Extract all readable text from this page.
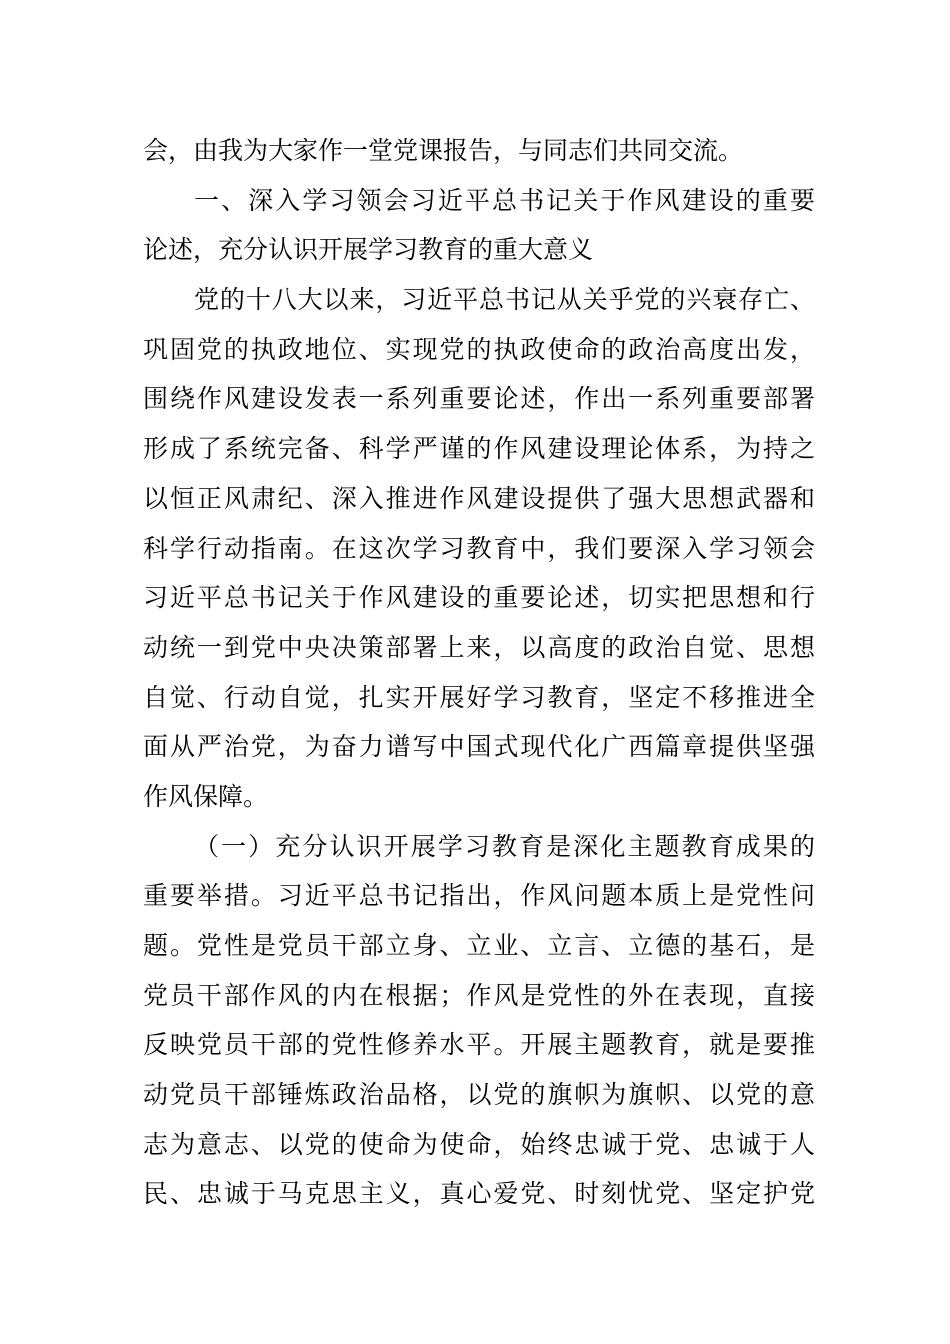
会，由我为大家作一堂党课报告，与同志们共同交流。
一、深入学习领会习近平总书记关于作风建设的重要
论述，充分认识开展学习教育的重大意义
党的十八大以来，习近平总书记从关乎党的兴衰存亡、
巩固党的执政地位、实现党的执政使命的政治高度出发，
围绕作风建设发表一系列重要论述，作出一系列重要部署
形成了系统完备、科学严谨的作风建设理论体系，为持之
以恒正风肃纪、深入推进作风建设提供了强大思想武器和
科学行动指南。在这次学习教育中，我们要深入学习领会
习近平总书记关于作风建设的重要论述，切实把思想和行
动统一到党中央决策部署上来，以高度的政治自觉、思想
自觉、行动自觉，扎实开展好学习教育，坚定不移推进全
面从严治党，为奋力谱写中国式现代化广西篇章提供坚强
作风保障。
（一）充分认识开展学习教育是深化主题教育成果的
重要举措。习近平总书记指出，作风问题本质上是党性问
题。党性是党员干部立身、立业、立言、立德的基石，是
党员干部作风的内在根据；作风是党性的外在表现，直接
反映党员干部的党性修养水平。开展主题教育，就是要推
动党员干部锤炼政治品格，以党的旗帜为旗帜、以党的意
志为意志、以党的使命为使命，始终忠诚于党、忠诚于人
民、忠诚于马克思主义，真心爱党、时刻忧党、坚定护党
